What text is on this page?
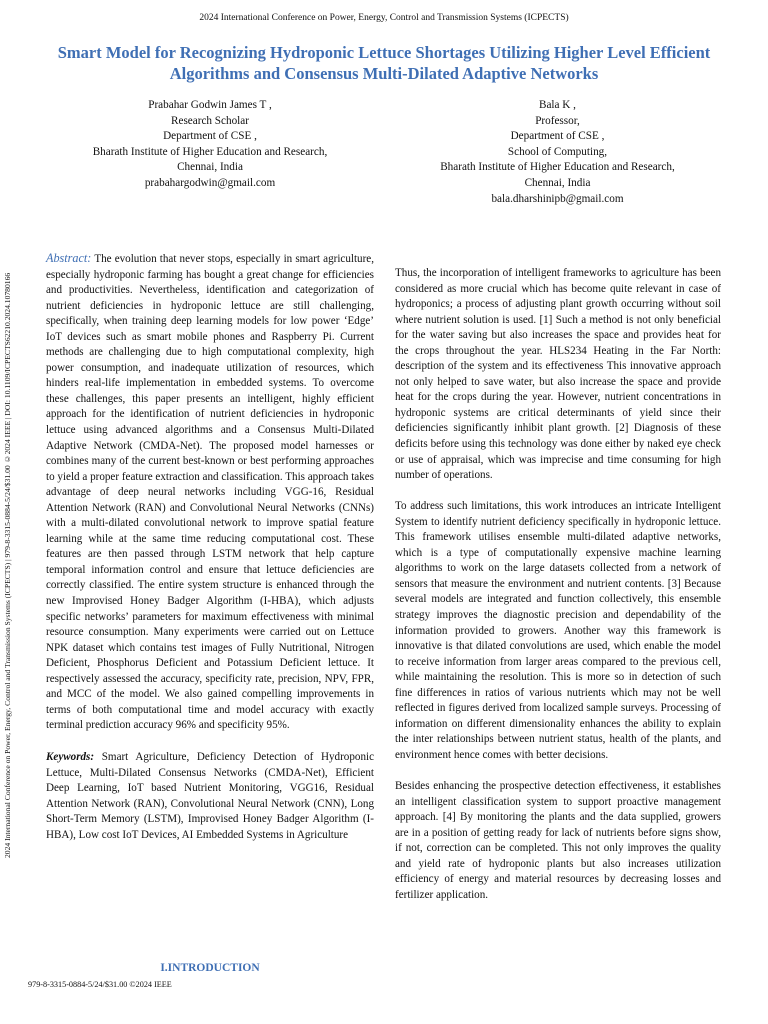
2024 International Conference on Power, Energy, Control and Transmission Systems (ICPECTS)
Smart Model for Recognizing Hydroponic Lettuce Shortages Utilizing Higher Level Efficient Algorithms and Consensus Multi-Dilated Adaptive Networks
Prabahar Godwin James T ,
Research Scholar
Department of CSE ,
Bharath Institute of Higher Education and Research,
Chennai, India
prabahargodwin@gmail.com
Bala K ,
Professor,
Department of CSE ,
School of Computing,
Bharath Institute of Higher Education and Research,
Chennai, India
bala.dharshinipb@gmail.com
2024 International Conference on Power, Energy, Control and Transmission Systems (ICPECTS) | 979-8-3315-0884-5/24/$31.00 ©2024 IEEE | DOI: 10.1109/ICPECTS62210.2024.10780166

Abstract: The evolution that never stops, especially in smart agriculture, especially hydroponic farming has bought a great change for efficiencies and productivities. Nevertheless, identification and categorization of nutrient deficiencies in hydroponic lettuce are still challenging, specifically, when training deep learning models for low power ‘Edge’ IoT devices such as smart mobile phones and Raspberry Pi. Current methods are challenging due to high computational complexity, high power consumption, and inadequate utilization of resources, which hinders real-life implementation in embedded systems. To overcome these challenges, this paper presents an intelligent, highly efficient approach for the identification of nutrient deficiencies in hydroponic lettuce using advanced algorithms and a Consensus Multi-Dilated Adaptive Network (CMDA-Net). The proposed model harnesses or combines many of the current best-known or best performing approaches to yield a proper feature extraction and classification. This approach takes advantage of deep neural networks including VGG-16, Residual Attention Network (RAN) and Convolutional Neural Networks (CNNs) with a multi-dilated convolutional network to improve spatial feature learning while at the same time reducing computational cost. These features are then passed through LSTM network that help capture temporal information control and ensure that lettuce deficiencies are correctly classified. The entire system structure is enhanced through the new Improvised Honey Badger Algorithm (I-HBA), which adjusts specific networks’ parameters for maximum effectiveness with minimal resource consumption. Many experiments were carried out on Lettuce NPK dataset which contains test images of Fully Nutritional, Nitrogen Deficient, Phosphorus Deficient and Potassium Deficient lettuce. It respectively assessed the accuracy, specificity rate, precision, NPV, FPR, and MCC of the model. We also gained compelling improvements in terms of both computational time and model accuracy with exactly terminal prediction accuracy 96% and specificity 95%.

Keywords: Smart Agriculture, Deficiency Detection of Hydroponic Lettuce, Multi-Dilated Consensus Networks (CMDA-Net), Efficient Deep Learning, IoT based Nutrient Monitoring, VGG16, Residual Attention Network (RAN), Convolutional Neural Network (CNN), Long Short-Term Memory (LSTM), Improvised Honey Badger Algorithm (I-HBA), Low cost IoT Devices, AI Embedded Systems in Agriculture

I.INTRODUCTION

Thus, the incorporation of intelligent frameworks to agriculture has been considered as more crucial which has become quite relevant in case of hydroponics; a process of adjusting plant growth occurring without soil where nutrient solution is used. [1] Such a method is not only beneficial for the water saving but also increases the space and provides heat for the crops throughout the year. HLS234 Heating in the Far North: description of the system and its effectiveness This innovative approach not only helped to save water, but also increase the space and provide heat for the crops during the year. However, nutrient concentrations in hydroponic systems are critical determinants of yield since their deficiencies significantly inhibit plant growth. [2] Diagnosis of these deficits before using this technology was done either by naked eye check or use of appraisal, which was imprecise and time consuming for high number of operations.

To address such limitations, this work introduces an intricate Intelligent System to identify nutrient deficiency specifically in hydroponic lettuce. This framework utilises ensemble multi-dilated adaptive networks, which is a type of computationally expensive machine learning algorithms to work on the large datasets collected from a network of sensors that measure the environment and nutrient contents. [3] Because several models are integrated and function collectively, this ensemble strategy improves the diagnostic precision and dependability of the information provided to growers. Another way this framework is innovative is that dilated convolutions are used, which enable the model to receive information from larger areas compared to the previous cell, while maintaining the resolution. This is more so in detection of such fine differences in ratios of various nutrients which may not be well reflected in figures derived from localized sample surveys. Processing of information on different dimensionality enhances the ability to explain the inter relationships between nutrient status, health of the plants, and environment hence comes with better decisions.

Besides enhancing the prospective detection effectiveness, it establishes an intelligent classification system to support proactive management approach. [4] By monitoring the plants and the data supplied, growers are in a position of getting ready for lack of nutrients before signs show, if not, correction can be completed. This not only improves the quality and yield rate of hydroponic plants but also increases utilization efficiency of energy and material resources by decreasing losses and fertilizer application.

979-8-3315-0884-5/24/$31.00 ©2024 IEEE
